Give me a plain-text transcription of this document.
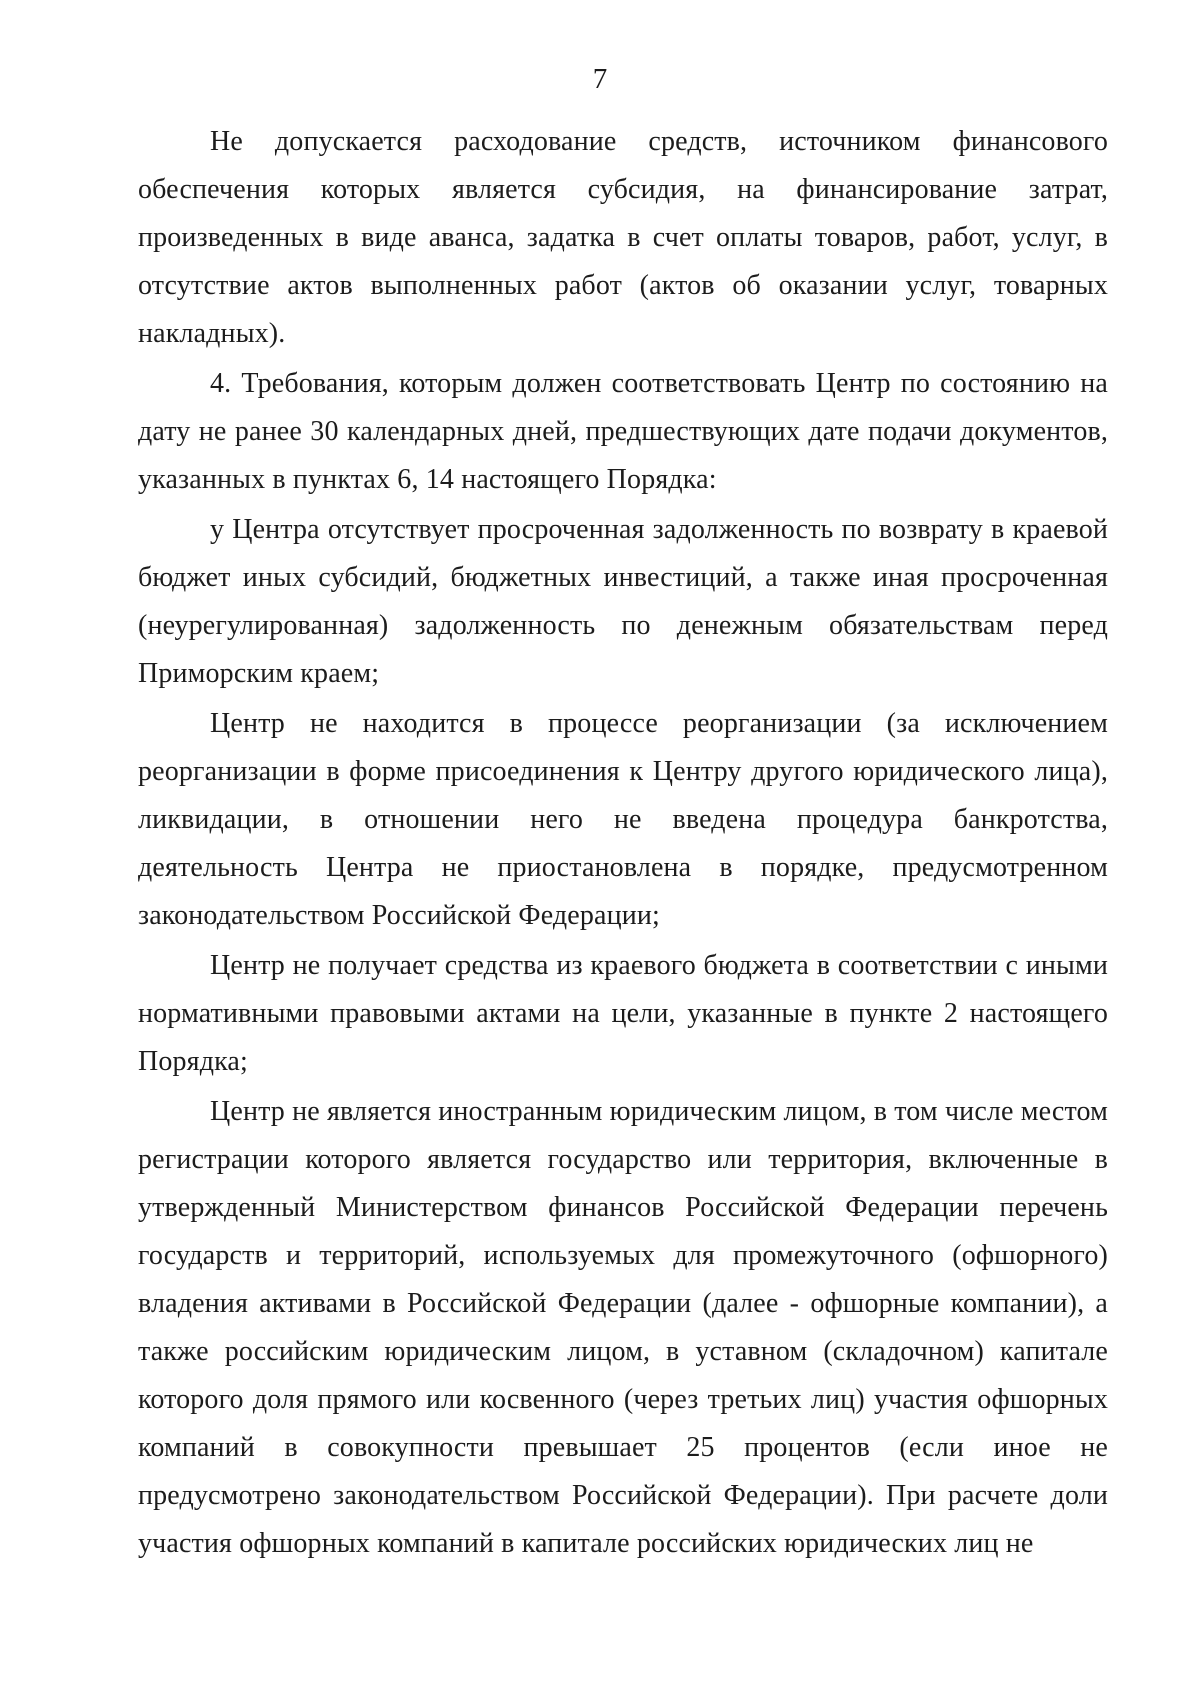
7

Не допускается расходование средств, источником финансового обеспечения которых является субсидия, на финансирование затрат, произведенных в виде аванса, задатка в счет оплаты товаров, работ, услуг, в отсутствие актов выполненных работ (актов об оказании услуг, товарных накладных).

4. Требования, которым должен соответствовать Центр по состоянию на дату не ранее 30 календарных дней, предшествующих дате подачи документов, указанных в пунктах 6, 14 настоящего Порядка:

у Центра отсутствует просроченная задолженность по возврату в краевой бюджет иных субсидий, бюджетных инвестиций, а также иная просроченная (неурегулированная) задолженность по денежным обязательствам перед Приморским краем;

Центр не находится в процессе реорганизации (за исключением реорганизации в форме присоединения к Центру другого юридического лица), ликвидации, в отношении него не введена процедура банкротства, деятельность Центра не приостановлена в порядке, предусмотренном законодательством Российской Федерации;

Центр не получает средства из краевого бюджета в соответствии с иными нормативными правовыми актами на цели, указанные в пункте 2 настоящего Порядка;

Центр не является иностранным юридическим лицом, в том числе местом регистрации которого является государство или территория, включенные в утвержденный Министерством финансов Российской Федерации перечень государств и территорий, используемых для промежуточного (офшорного) владения активами в Российской Федерации (далее - офшорные компании), а также российским юридическим лицом, в уставном (складочном) капитале которого доля прямого или косвенного (через третьих лиц) участия офшорных компаний в совокупности превышает 25 процентов (если иное не предусмотрено законодательством Российской Федерации). При расчете доли участия офшорных компаний в капитале российских юридических лиц не
